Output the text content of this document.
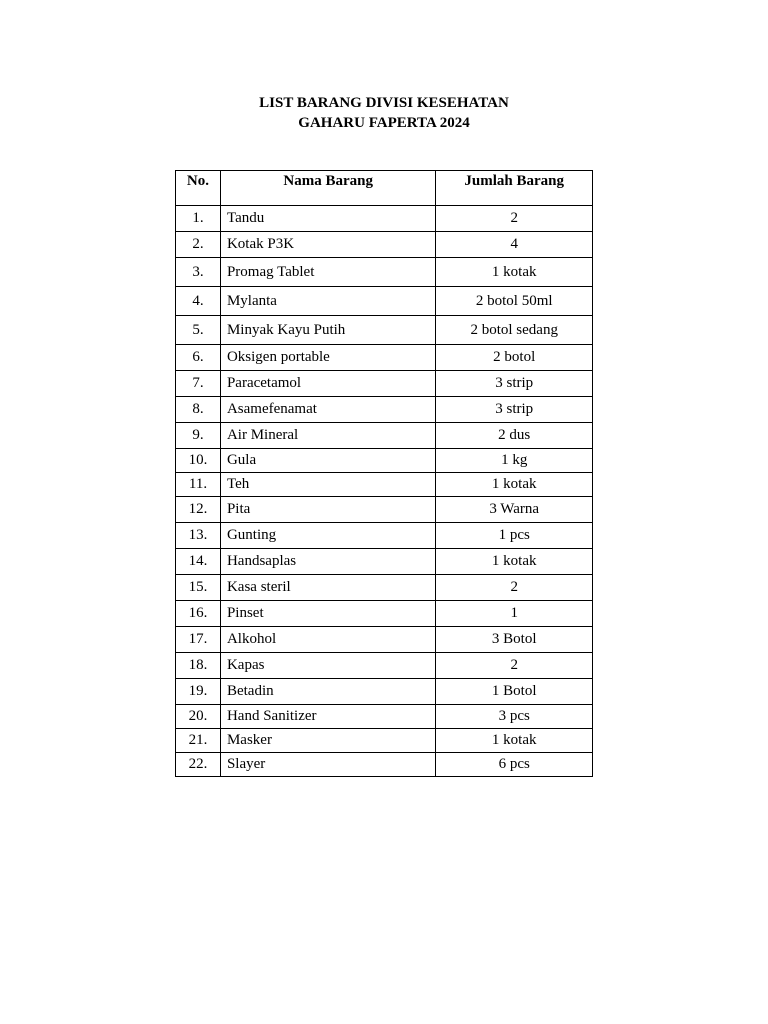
LIST BARANG DIVISI KESEHATAN
GAHARU FAPERTA 2024
No.	Nama Barang	Jumlah Barang
1.	Tandu	2
2.	Kotak P3K	4
3.	Promag Tablet	1 kotak
4.	Mylanta	2 botol 50ml
5.	Minyak Kayu Putih	2 botol sedang
6.	Oksigen portable	2 botol
7.	Paracetamol	3 strip
8.	Asamefenamat	3 strip
9.	Air Mineral	2 dus
10.	Gula	1 kg
11.	Teh	1 kotak
12.	Pita	3 Warna
13.	Gunting	1 pcs
14.	Handsaplas	1 kotak
15.	Kasa steril	2
16.	Pinset	1
17.	Alkohol	3 Botol
18.	Kapas	2
19.	Betadin	1 Botol
20.	Hand Sanitizer	3 pcs
21.	Masker	1 kotak
22.	Slayer	6 pcs
